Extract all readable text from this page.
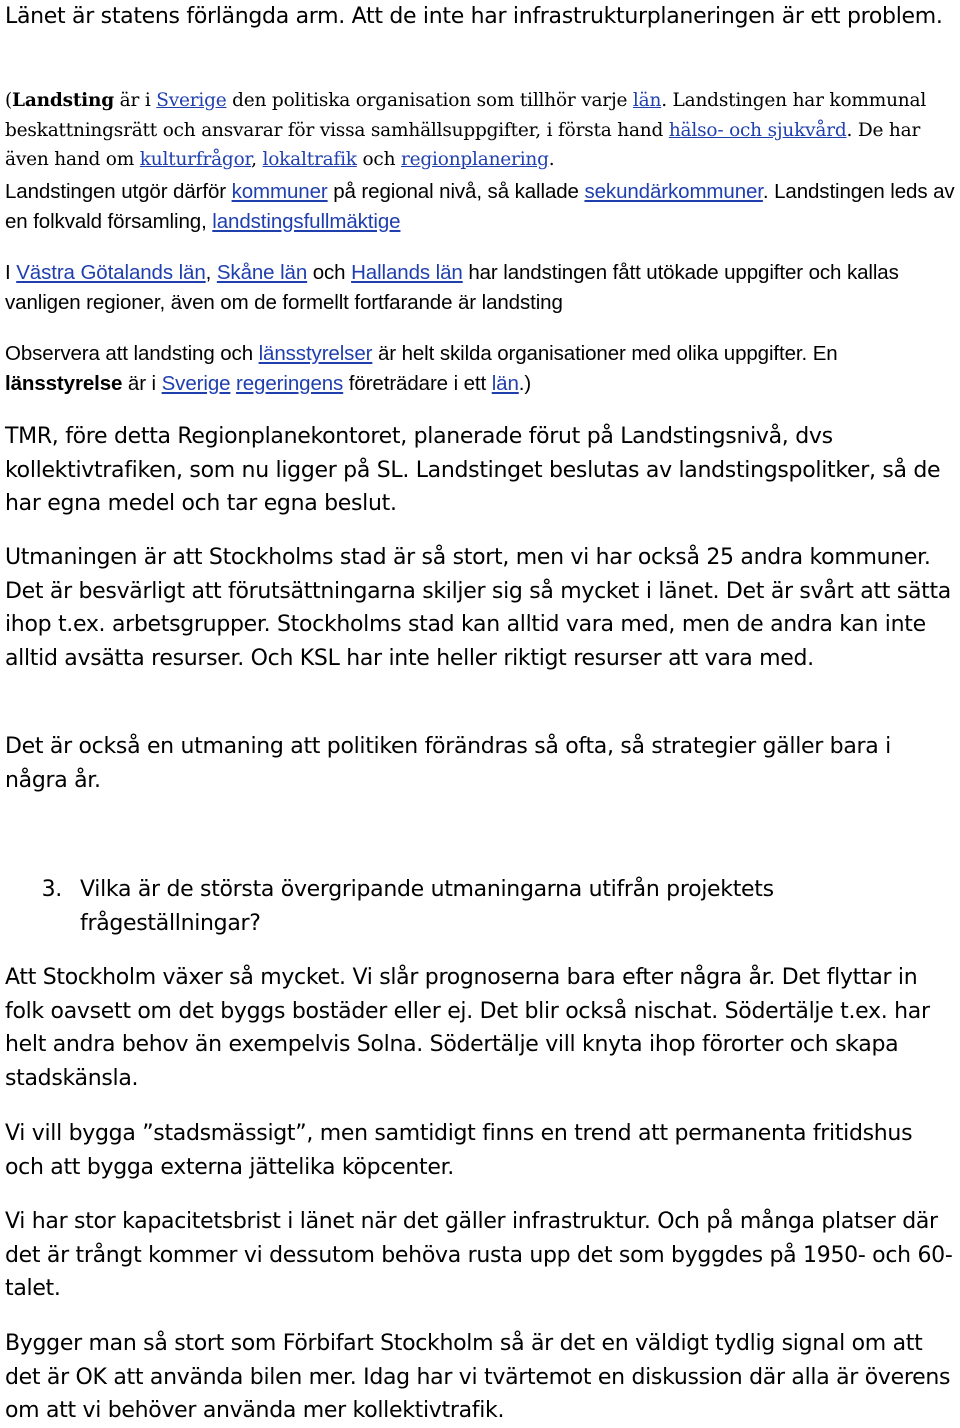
Länet är statens förlängda arm. Att de inte har infrastrukturplaneringen är ett problem.

(Landsting är i Sverige den politiska organisation som tillhör varje län. Landstingen har kommunal beskattningsrätt och ansvarar för vissa samhällsuppgifter, i första hand hälso- och sjukvård. De har även hand om kulturfrågor, lokaltrafik och regionplanering.

Landstingen utgör därför kommuner på regional nivå, så kallade sekundärkommuner. Landstingen leds av en folkvald församling, landstingsfullmäktige

I Västra Götalands län, Skåne län och Hallands län har landstingen fått utökade uppgifter och kallas vanligen regioner, även om de formellt fortfarande är landsting

Observera att landsting och länsstyrelser är helt skilda organisationer med olika uppgifter. En länsstyrelse är i Sverige regeringens företrädare i ett län.)

TMR, före detta Regionplanekontoret, planerade förut på Landstingsnivå, dvs kollektivtrafiken, som nu ligger på SL. Landstinget beslutas av landstingspolitker, så de har egna medel och tar egna beslut.

Utmaningen är att Stockholms stad är så stort, men vi har också 25 andra kommuner. Det är besvärligt att förutsättningarna skiljer sig så mycket i länet. Det är svårt att sätta ihop t.ex. arbetsgrupper. Stockholms stad kan alltid vara med, men de andra kan inte alltid avsätta resurser. Och KSL har inte heller riktigt resurser att vara med.

Det är också en utmaning att politiken förändras så ofta, så strategier gäller bara i några år.

3. Vilka är de största övergripande utmaningarna utifrån projektets frågeställningar?

Att Stockholm växer så mycket. Vi slår prognoserna bara efter några år. Det flyttar in folk oavsett om det byggs bostäder eller ej. Det blir också nischat. Södertälje t.ex. har helt andra behov än exempelvis Solna. Södertälje vill knyta ihop förorter och skapa stadskänsla.

Vi vill bygga ”stadsmässigt”, men samtidigt finns en trend att permanenta fritidshus och att bygga externa jättelika köpcenter.

Vi har stor kapacitetsbrist i länet när det gäller infrastruktur. Och på många platser där det är trångt kommer vi dessutom behöva rusta upp det som byggdes på 1950- och 60-talet.

Bygger man så stort som Förbifart Stockholm så är det en väldigt tydlig signal om att det är OK att använda bilen mer. Idag har vi tvärtemot en diskussion där alla är överens om att vi behöver använda mer kollektivtrafik.
